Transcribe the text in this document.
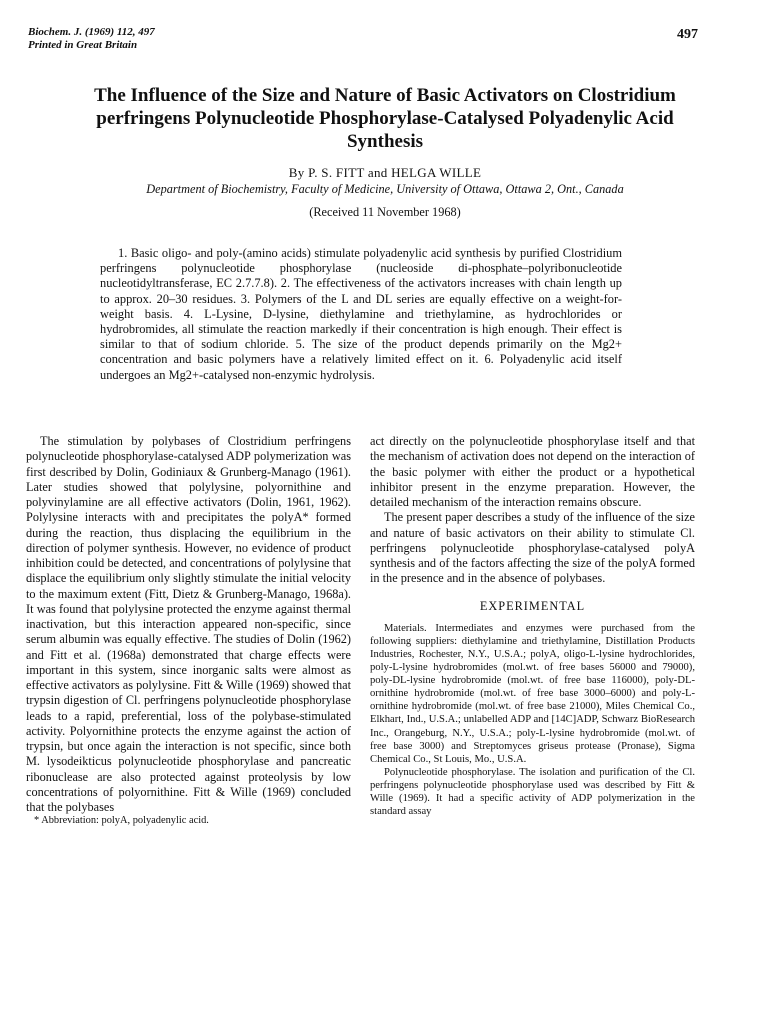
Biochem. J. (1969) 112, 497
Printed in Great Britain
497
The Influence of the Size and Nature of Basic Activators on Clostridium
perfringens Polynucleotide Phosphorylase-Catalysed Polyadenylic Acid
Synthesis
By P. S. FITT and HELGA WILLE
Department of Biochemistry, Faculty of Medicine, University of Ottawa, Ottawa 2, Ont., Canada
(Received 11 November 1968)

1. Basic oligo- and poly-(amino acids) stimulate polyadenylic acid synthesis by purified Clostridium perfringens polynucleotide phosphorylase (nucleoside di-phosphate–polyribonucleotide nucleotidyltransferase, EC 2.7.7.8). 2. The effectiveness of the activators increases with chain length up to approx. 20–30 residues. 3. Polymers of the L and DL series are equally effective on a weight-for-weight basis. 4. L-Lysine, D-lysine, diethylamine and triethylamine, as hydrochlorides or hydrobromides, all stimulate the reaction markedly if their concentration is high enough. Their effect is similar to that of sodium chloride. 5. The size of the product depends primarily on the Mg2+ concentration and basic polymers have a relatively limited effect on it. 6. Polyadenylic acid itself undergoes an Mg2+-catalysed non-enzymic hydrolysis.

The stimulation by polybases of Clostridium perfringens polynucleotide phosphorylase-catalysed ADP polymerization was first described by Dolin, Godiniaux & Grunberg-Manago (1961). Later studies showed that polylysine, polyornithine and polyvinylamine are all effective activators (Dolin, 1961, 1962). Polylysine interacts with and precipitates the polyA* formed during the reaction, thus displacing the equilibrium in the direction of polymer synthesis. However, no evidence of product inhibition could be detected, and concentrations of polylysine that displace the equilibrium only slightly stimulate the initial velocity to the maximum extent (Fitt, Dietz & Grunberg-Manago, 1968a). It was found that polylysine protected the enzyme against thermal inactivation, but this interaction appeared non-specific, since serum albumin was equally effective. The studies of Dolin (1962) and Fitt et al. (1968a) demonstrated that charge effects were important in this system, since inorganic salts were almost as effective activators as polylysine. Fitt & Wille (1969) showed that trypsin digestion of Cl. perfringens polynucleotide phosphorylase leads to a rapid, preferential, loss of the polybase-stimulated activity. Polyornithine protects the enzyme against the action of trypsin, but once again the interaction is not specific, since both M. lysodeikticus polynucleotide phosphorylase and pancreatic ribonuclease are also protected against proteolysis by low concentrations of polyornithine. Fitt & Wille (1969) concluded that the polybases

* Abbreviation: polyA, polyadenylic acid.

act directly on the polynucleotide phosphorylase itself and that the mechanism of activation does not depend on the interaction of the basic polymer with either the product or a hypothetical inhibitor present in the enzyme preparation. However, the detailed mechanism of the interaction remains obscure.

The present paper describes a study of the influence of the size and nature of basic activators on their ability to stimulate Cl. perfringens polynucleotide phosphorylase-catalysed polyA synthesis and of the factors affecting the size of the polyA formed in the presence and in the absence of polybases.

EXPERIMENTAL

Materials. Intermediates and enzymes were purchased from the following suppliers: diethylamine and triethylamine, Distillation Products Industries, Rochester, N.Y., U.S.A.; polyA, oligo-L-lysine hydrochlorides, poly-L-lysine hydrobromides (mol.wt. of free bases 56000 and 79000), poly-DL-lysine hydrobromide (mol.wt. of free base 116000), poly-DL-ornithine hydrobromide (mol.wt. of free base 3000–6000) and poly-L-ornithine hydrobromide (mol.wt. of free base 21000), Miles Chemical Co., Elkhart, Ind., U.S.A.; unlabelled ADP and [14C]ADP, Schwarz BioResearch Inc., Orangeburg, N.Y., U.S.A.; poly-L-lysine hydrobromide (mol.wt. of free base 3000) and Streptomyces griseus protease (Pronase), Sigma Chemical Co., St Louis, Mo., U.S.A.

Polynucleotide phosphorylase. The isolation and purification of the Cl. perfringens polynucleotide phosphorylase used was described by Fitt & Wille (1969). It had a specific activity of ADP polymerization in the standard assay
